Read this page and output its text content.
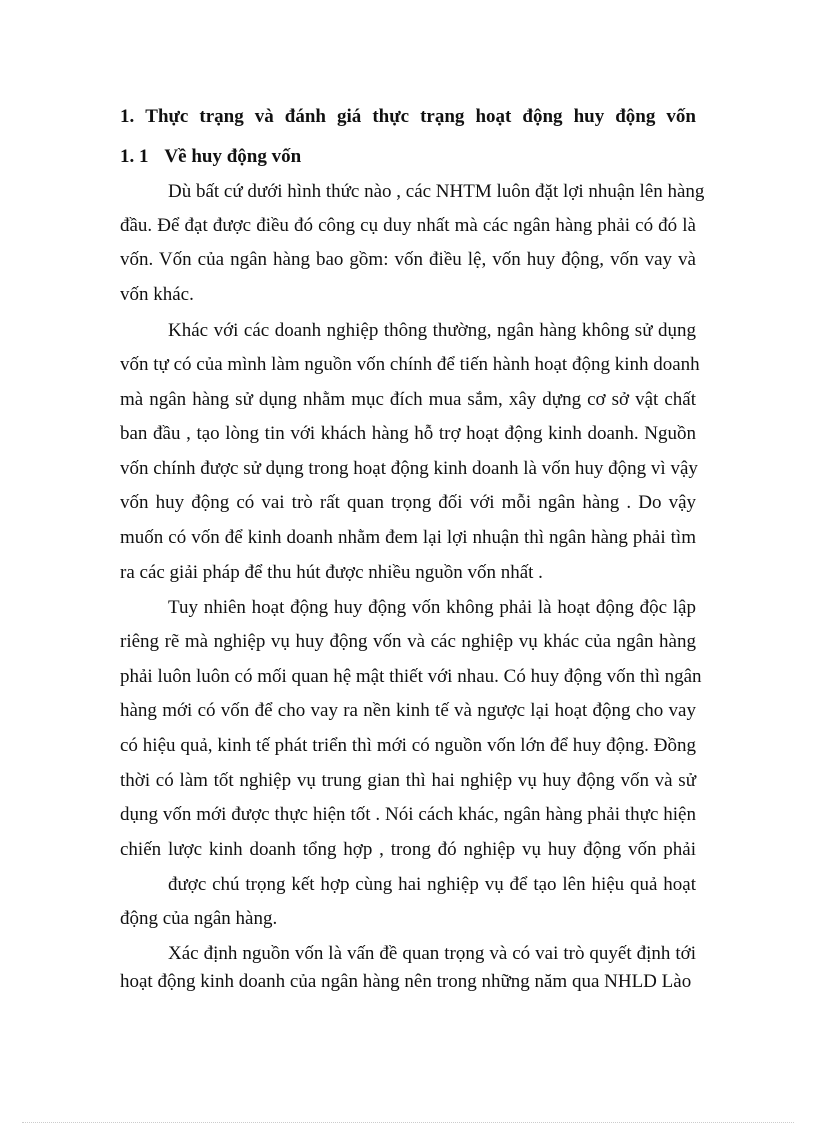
1. Thực trạng và đánh giá thực trạng hoạt động huy động vốn
1. 1 Về huy động vốn
Dù bất cứ dưới hình thức nào , các NHTM luôn đặt lợi nhuận lên hàng
đầu. Để đạt được điều đó công cụ duy nhất mà các ngân hàng phải có đó là
vốn. Vốn của ngân hàng bao gồm: vốn điều lệ, vốn huy động, vốn vay và
vốn khác.
Khác với các doanh nghiệp thông thường, ngân hàng không sử dụng
vốn tự có của mình làm nguồn vốn chính để tiến hành hoạt động kinh doanh
mà ngân hàng sử dụng nhằm mục đích mua sắm, xây dựng cơ sở vật chất
ban đầu , tạo lòng tin với khách hàng hỗ trợ hoạt động kinh doanh. Nguồn
vốn chính được sử dụng trong hoạt động kinh doanh là vốn huy động vì vậy
vốn huy động có vai trò rất quan trọng đối với mỗi ngân hàng . Do vậy
muốn có vốn để kinh doanh nhằm đem lại lợi nhuận thì ngân hàng phải tìm
ra các giải pháp để thu hút được nhiều nguồn vốn nhất .
Tuy nhiên hoạt động huy động vốn không phải là hoạt động độc lập
riêng rẽ mà nghiệp vụ huy động vốn và các nghiệp vụ khác của ngân hàng
phải luôn luôn có mối quan hệ mật thiết với nhau. Có huy động vốn thì ngân
hàng mới có vốn để cho vay ra nền kinh tế và ngược lại hoạt động cho vay
có hiệu quả, kinh tế phát triển thì mới có nguồn vốn lớn để huy động. Đồng
thời có làm tốt nghiệp vụ trung gian thì hai nghiệp vụ huy động vốn và sử
dụng vốn mới được thực hiện tốt . Nói cách khác, ngân hàng phải thực hiện
chiến lược kinh doanh tổng hợp , trong đó nghiệp vụ huy động vốn phải
được chú trọng kết hợp cùng hai nghiệp vụ để tạo lên hiệu quả hoạt
động của ngân hàng.
Xác định nguồn vốn là vấn đề quan trọng và có vai trò quyết định tới
hoạt động kinh doanh của ngân hàng nên trong những năm qua NHLD Lào
